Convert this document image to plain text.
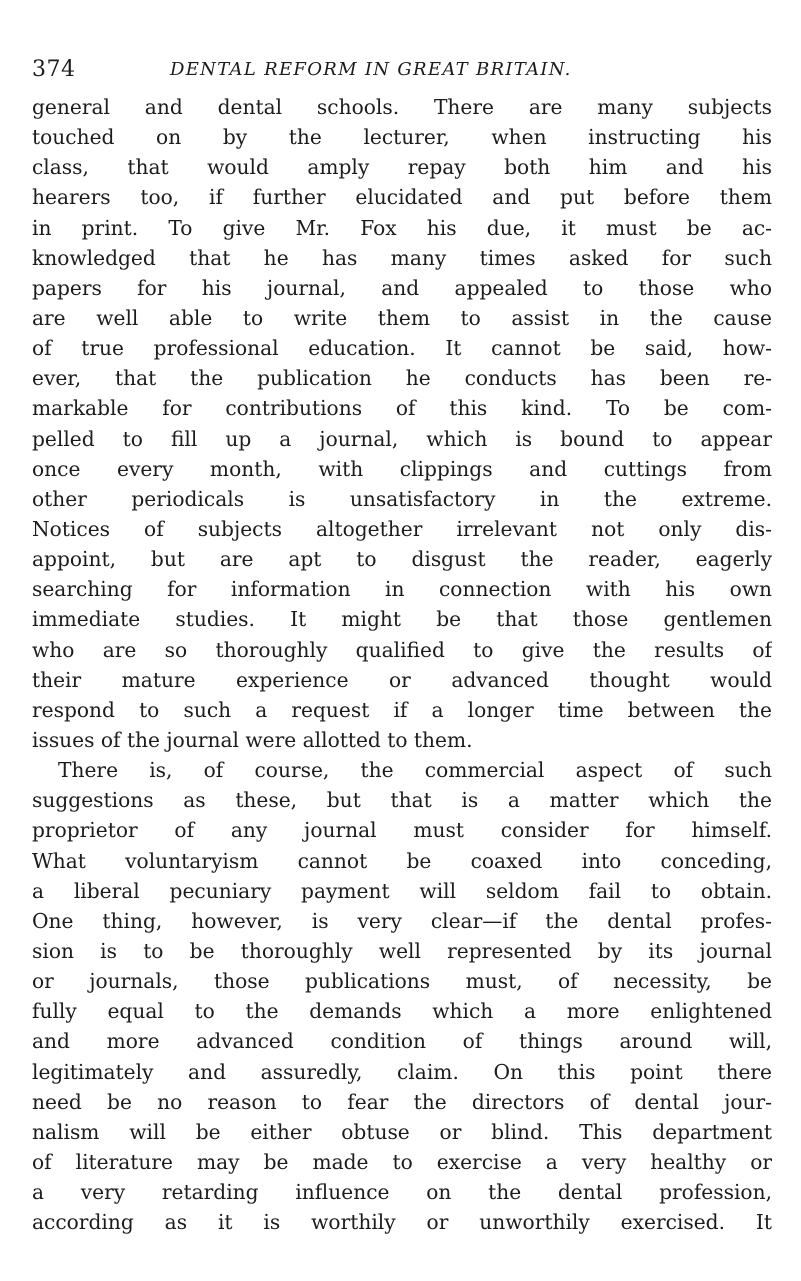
374	DENTAL REFORM IN GREAT BRITAIN.
general and dental schools. There are many subjects
touched on by the lecturer, when instructing his
class, that would amply repay both him and his
hearers too, if further elucidated and put before them
in print. To give Mr. Fox his due, it must be ac-
knowledged that he has many times asked for such
papers for his journal, and appealed to those who
are well able to write them to assist in the cause
of true professional education. It cannot be said, how-
ever, that the publication he conducts has been re-
markable for contributions of this kind. To be com-
pelled to fill up a journal, which is bound to appear
once every month, with clippings and cuttings from
other periodicals is unsatisfactory in the extreme.
Notices of subjects altogether irrelevant not only dis-
appoint, but are apt to disgust the reader, eagerly
searching for information in connection with his own
immediate studies. It might be that those gentlemen
who are so thoroughly qualified to give the results of
their mature experience or advanced thought would
respond to such a request if a longer time between the
issues of the journal were allotted to them.
There is, of course, the commercial aspect of such
suggestions as these, but that is a matter which the
proprietor of any journal must consider for himself.
What voluntaryism cannot be coaxed into conceding,
a liberal pecuniary payment will seldom fail to obtain.
One thing, however, is very clear—if the dental profes-
sion is to be thoroughly well represented by its journal
or journals, those publications must, of necessity, be
fully equal to the demands which a more enlightened
and more advanced condition of things around will,
legitimately and assuredly, claim. On this point there
need be no reason to fear the directors of dental jour-
nalism will be either obtuse or blind. This department
of literature may be made to exercise a very healthy or
a very retarding influence on the dental profession,
according as it is worthily or unworthily exercised. It
